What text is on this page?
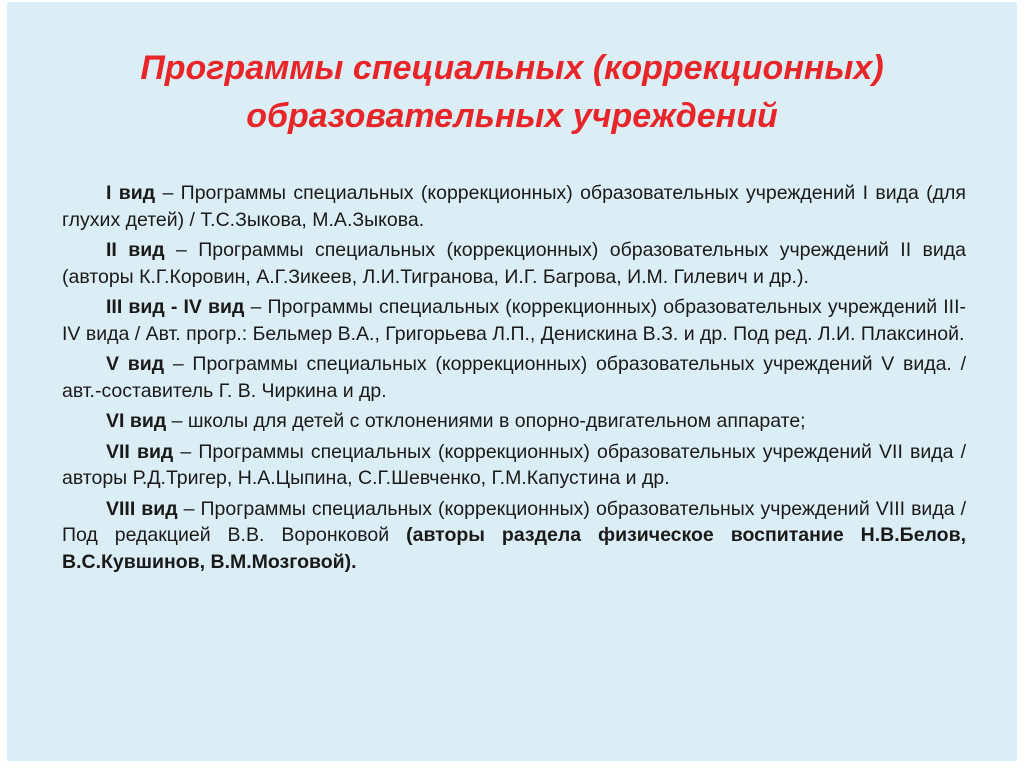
Программы специальных (коррекционных)
образовательных учреждений

I вид – Программы специальных (коррекционных) образовательных учреждений I вида (для глухих детей) / Т.С.Зыкова, М.А.Зыкова.

II вид – Программы специальных (коррекционных) образовательных учреждений II вида (авторы К.Г.Коровин, А.Г.Зикеев, Л.И.Тигранова, И.Г. Багрова, И.М. Гилевич и др.).

III вид - IV вид – Программы специальных (коррекционных) образовательных учреждений III-IV вида / Авт. прогр.: Бельмер В.А., Григорьева Л.П., Денискина В.З. и др. Под ред. Л.И. Плаксиной.

V вид – Программы специальных (коррекционных) образовательных учреждений V вида. / авт.-составитель Г. В. Чиркина и др.

VI вид – школы для детей с отклонениями в опорно-двигательном аппарате;

VII вид – Программы специальных (коррекционных) образовательных учреждений VII вида / авторы Р.Д.Тригер, Н.А.Цыпина, С.Г.Шевченко, Г.М.Капустина и др.

VIII вид – Программы специальных (коррекционных) образовательных учреждений VIII вида / Под редакцией В.В. Воронковой (авторы раздела физическое воспитание Н.В.Белов, В.С.Кувшинов, В.М.Мозговой).
